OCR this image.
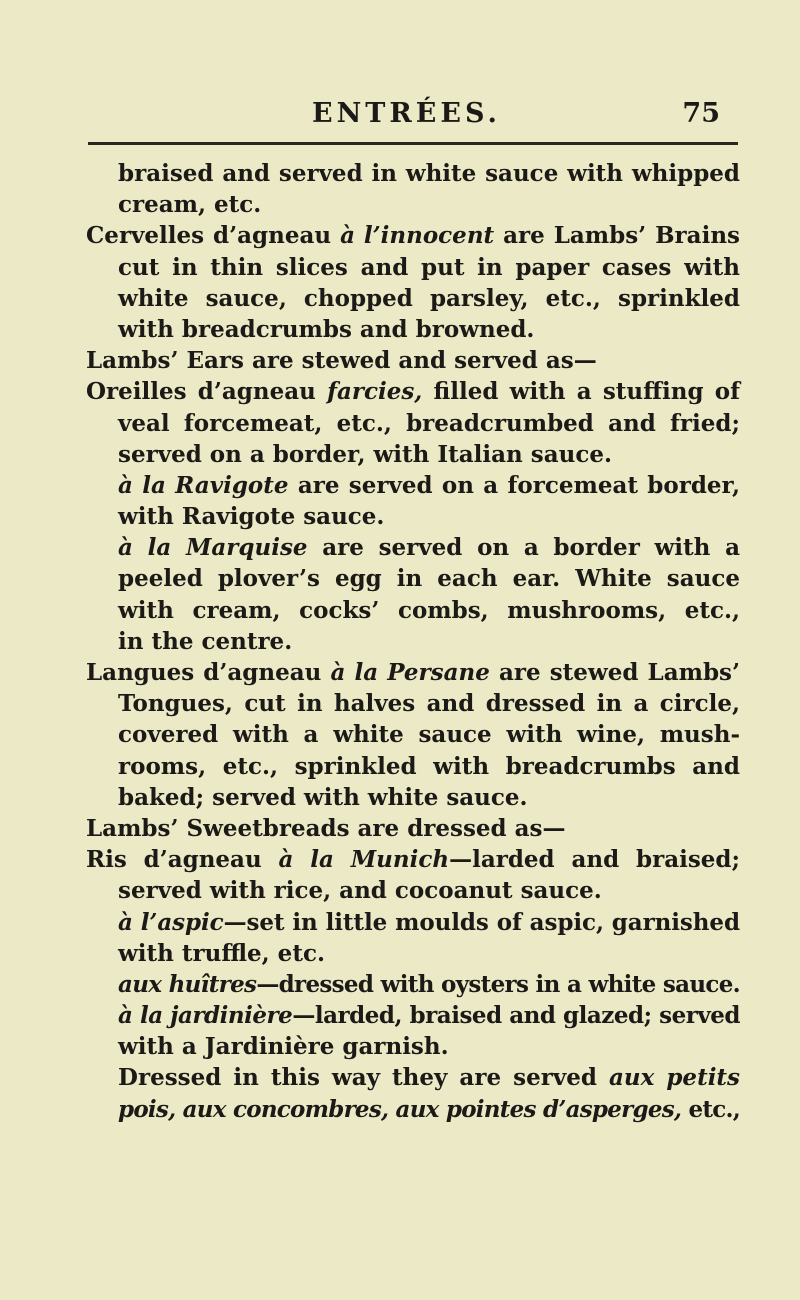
ENTRÉES.	75
braised and served in white sauce with whipped
cream, etc.
Cervelles d’agneau à l’innocent are Lambs’ Brains
cut in thin slices and put in paper cases with
white sauce, chopped parsley, etc., sprinkled
with breadcrumbs and browned.
Lambs’ Ears are stewed and served as—
Oreilles d’agneau farcies, filled with a stuffing of
veal forcemeat, etc., breadcrumbed and fried;
served on a border, with Italian sauce.
à la Ravigote are served on a forcemeat border,
with Ravigote sauce.
à la Marquise are served on a border with a
peeled plover’s egg in each ear. White sauce
with cream, cocks’ combs, mushrooms, etc.,
in the centre.
Langues d’agneau à la Persane are stewed Lambs’
Tongues, cut in halves and dressed in a circle,
covered with a white sauce with wine, mush-
rooms, etc., sprinkled with breadcrumbs and
baked; served with white sauce.
Lambs’ Sweetbreads are dressed as—
Ris d’agneau à la Munich—larded and braised;
served with rice, and cocoanut sauce.
à l’aspic—set in little moulds of aspic, garnished
with truffle, etc.
aux huîtres—dressed with oysters in a white sauce.
à la jardinière—larded, braised and glazed; served
with a Jardinière garnish.
Dressed in this way they are served aux petits
pois, aux concombres, aux pointes d’asperges, etc.,
